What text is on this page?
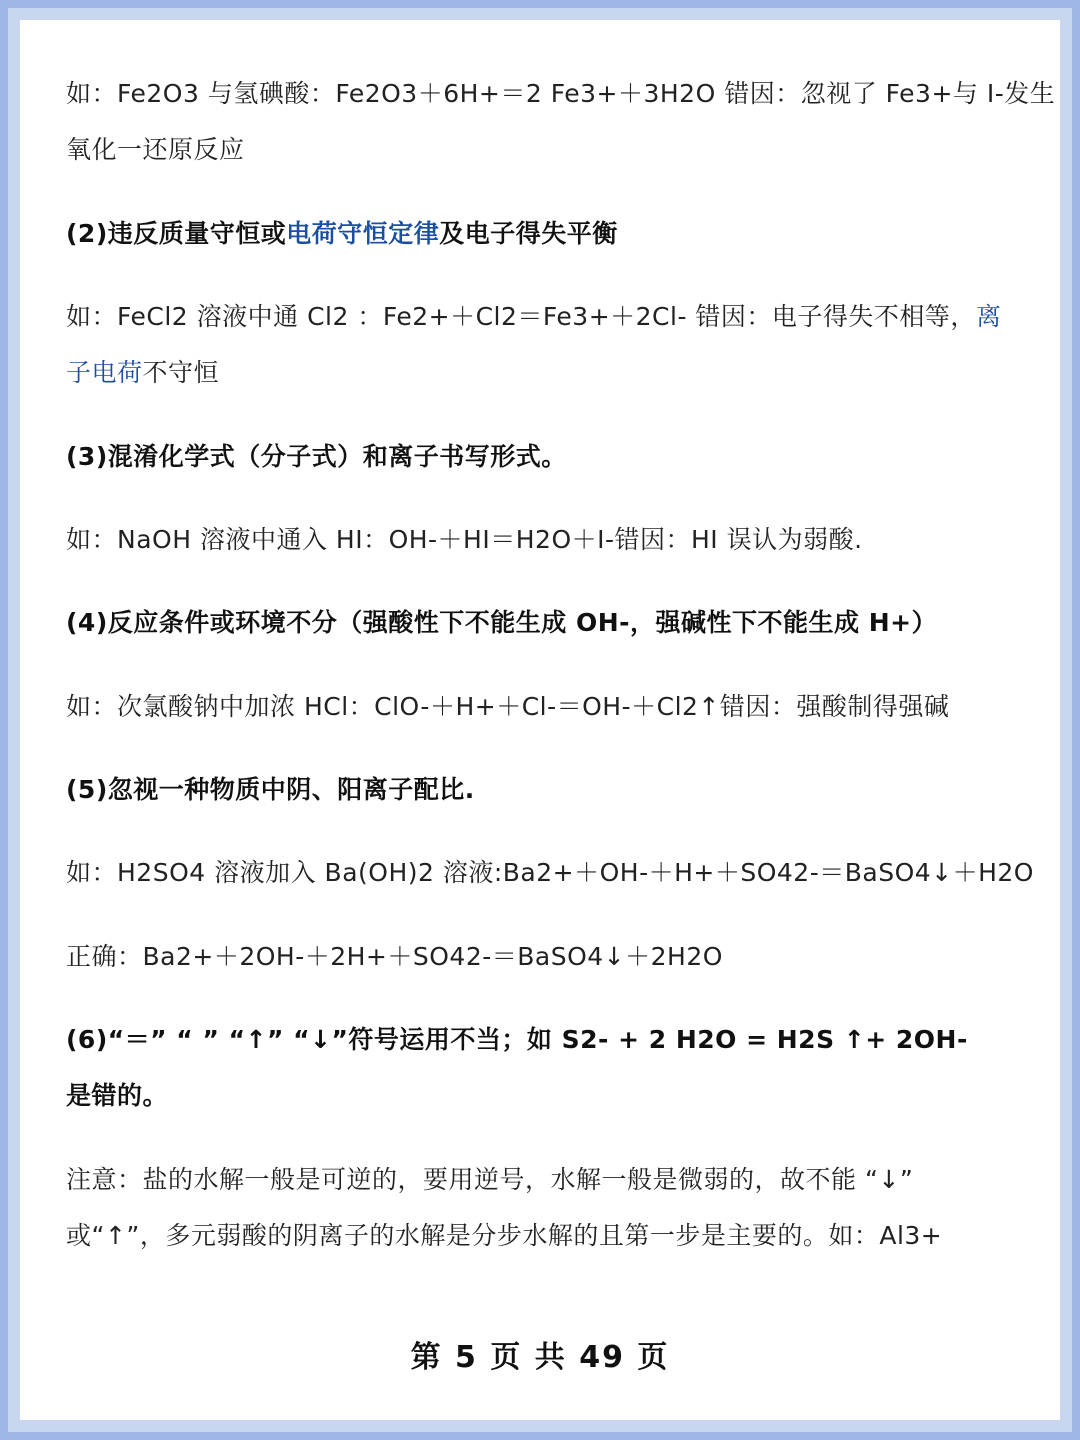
如：Fe2O3 与氢碘酸：Fe2O3＋6H+＝2 Fe3+＋3H2O 错因：忽视了 Fe3+与 I-发生
氧化一还原反应
(2)违反质量守恒或电荷守恒定律及电子得失平衡
如：FeCl2 溶液中通 Cl2 ：Fe2+＋Cl2＝Fe3+＋2Cl- 错因：电子得失不相等，离
子电荷不守恒
(3)混淆化学式（分子式）和离子书写形式。
如：NaOH 溶液中通入 HI：OH-＋HI＝H2O＋I-错因：HI 误认为弱酸.
(4)反应条件或环境不分（强酸性下不能生成 OH-，强碱性下不能生成 H+）
如：次氯酸钠中加浓 HCl：ClO-＋H+＋Cl-＝OH-＋Cl2↑错因：强酸制得强碱
(5)忽视一种物质中阴、阳离子配比.
如：H2SO4 溶液加入 Ba(OH)2 溶液:Ba2+＋OH-＋H+＋SO42-＝BaSO4↓＋H2O
正确：Ba2+＋2OH-＋2H+＋SO42-＝BaSO4↓＋2H2O
(6)“＝” “ ” “↑” “↓”符号运用不当；如 S2- + 2 H2O = H2S ↑+ 2OH-
是错的。
注意：盐的水解一般是可逆的，要用逆号，水解一般是微弱的，故不能 “↓”
或“↑”，多元弱酸的阴离子的水解是分步水解的且第一步是主要的。如：Al3+
第 5 页 共 49 页
